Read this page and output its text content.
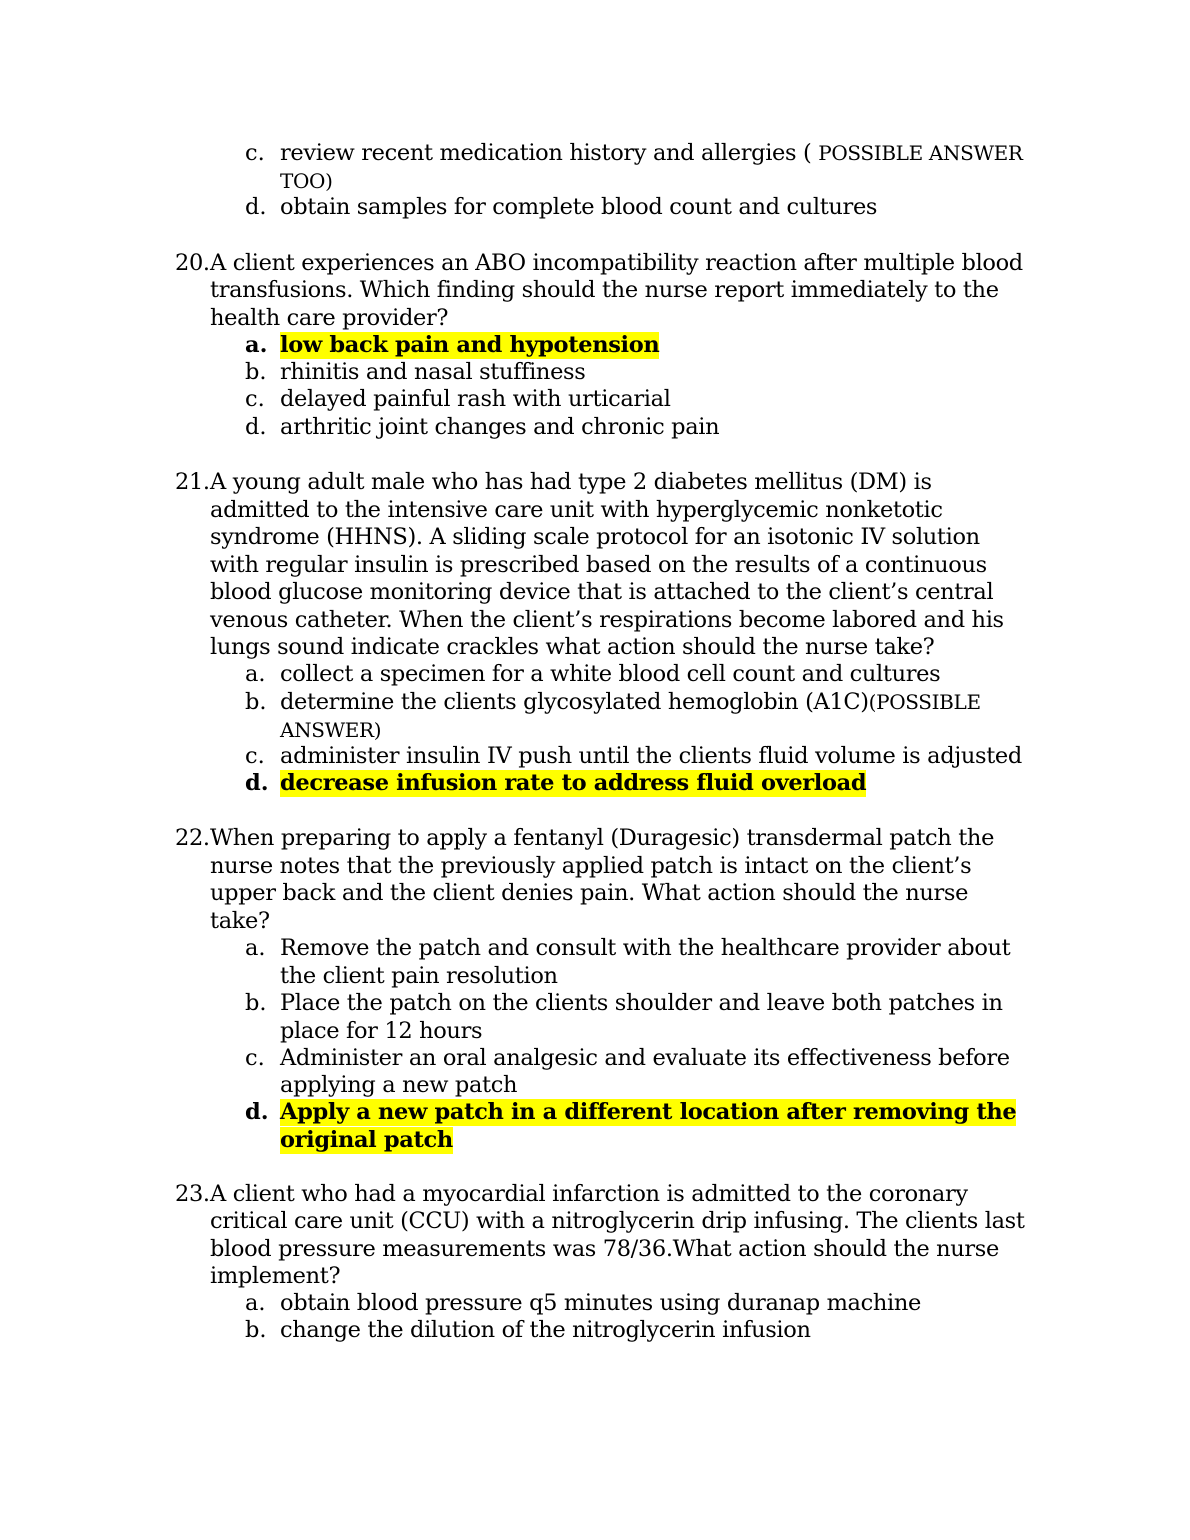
c. review recent medication history and allergies ( POSSIBLE ANSWER
TOO)
d. obtain samples for complete blood count and cultures
20. A client experiences an ABO incompatibility reaction after multiple blood
transfusions. Which finding should the nurse report immediately to the
health care provider?
a. low back pain and hypotension
b. rhinitis and nasal stuffiness
c. delayed painful rash with urticarial
d. arthritic joint changes and chronic pain
21. A young adult male who has had type 2 diabetes mellitus (DM) is
admitted to the intensive care unit with hyperglycemic nonketotic
syndrome (HHNS). A sliding scale protocol for an isotonic IV solution
with regular insulin is prescribed based on the results of a continuous
blood glucose monitoring device that is attached to the client’s central
venous catheter. When the client’s respirations become labored and his
lungs sound indicate crackles what action should the nurse take?
a. collect a specimen for a white blood cell count and cultures
b. determine the clients glycosylated hemoglobin (A1C)(POSSIBLE
ANSWER)
c. administer insulin IV push until the clients fluid volume is adjusted
d. decrease infusion rate to address fluid overload
22. When preparing to apply a fentanyl (Duragesic) transdermal patch the
nurse notes that the previously applied patch is intact on the client’s
upper back and the client denies pain. What action should the nurse
take?
a. Remove the patch and consult with the healthcare provider about
the client pain resolution
b. Place the patch on the clients shoulder and leave both patches in
place for 12 hours
c. Administer an oral analgesic and evaluate its effectiveness before
applying a new patch
d. Apply a new patch in a different location after removing the
original patch
23. A client who had a myocardial infarction is admitted to the coronary
critical care unit (CCU) with a nitroglycerin drip infusing. The clients last
blood pressure measurements was 78/36.What action should the nurse
implement?
a. obtain blood pressure q5 minutes using duranap machine
b. change the dilution of the nitroglycerin infusion
